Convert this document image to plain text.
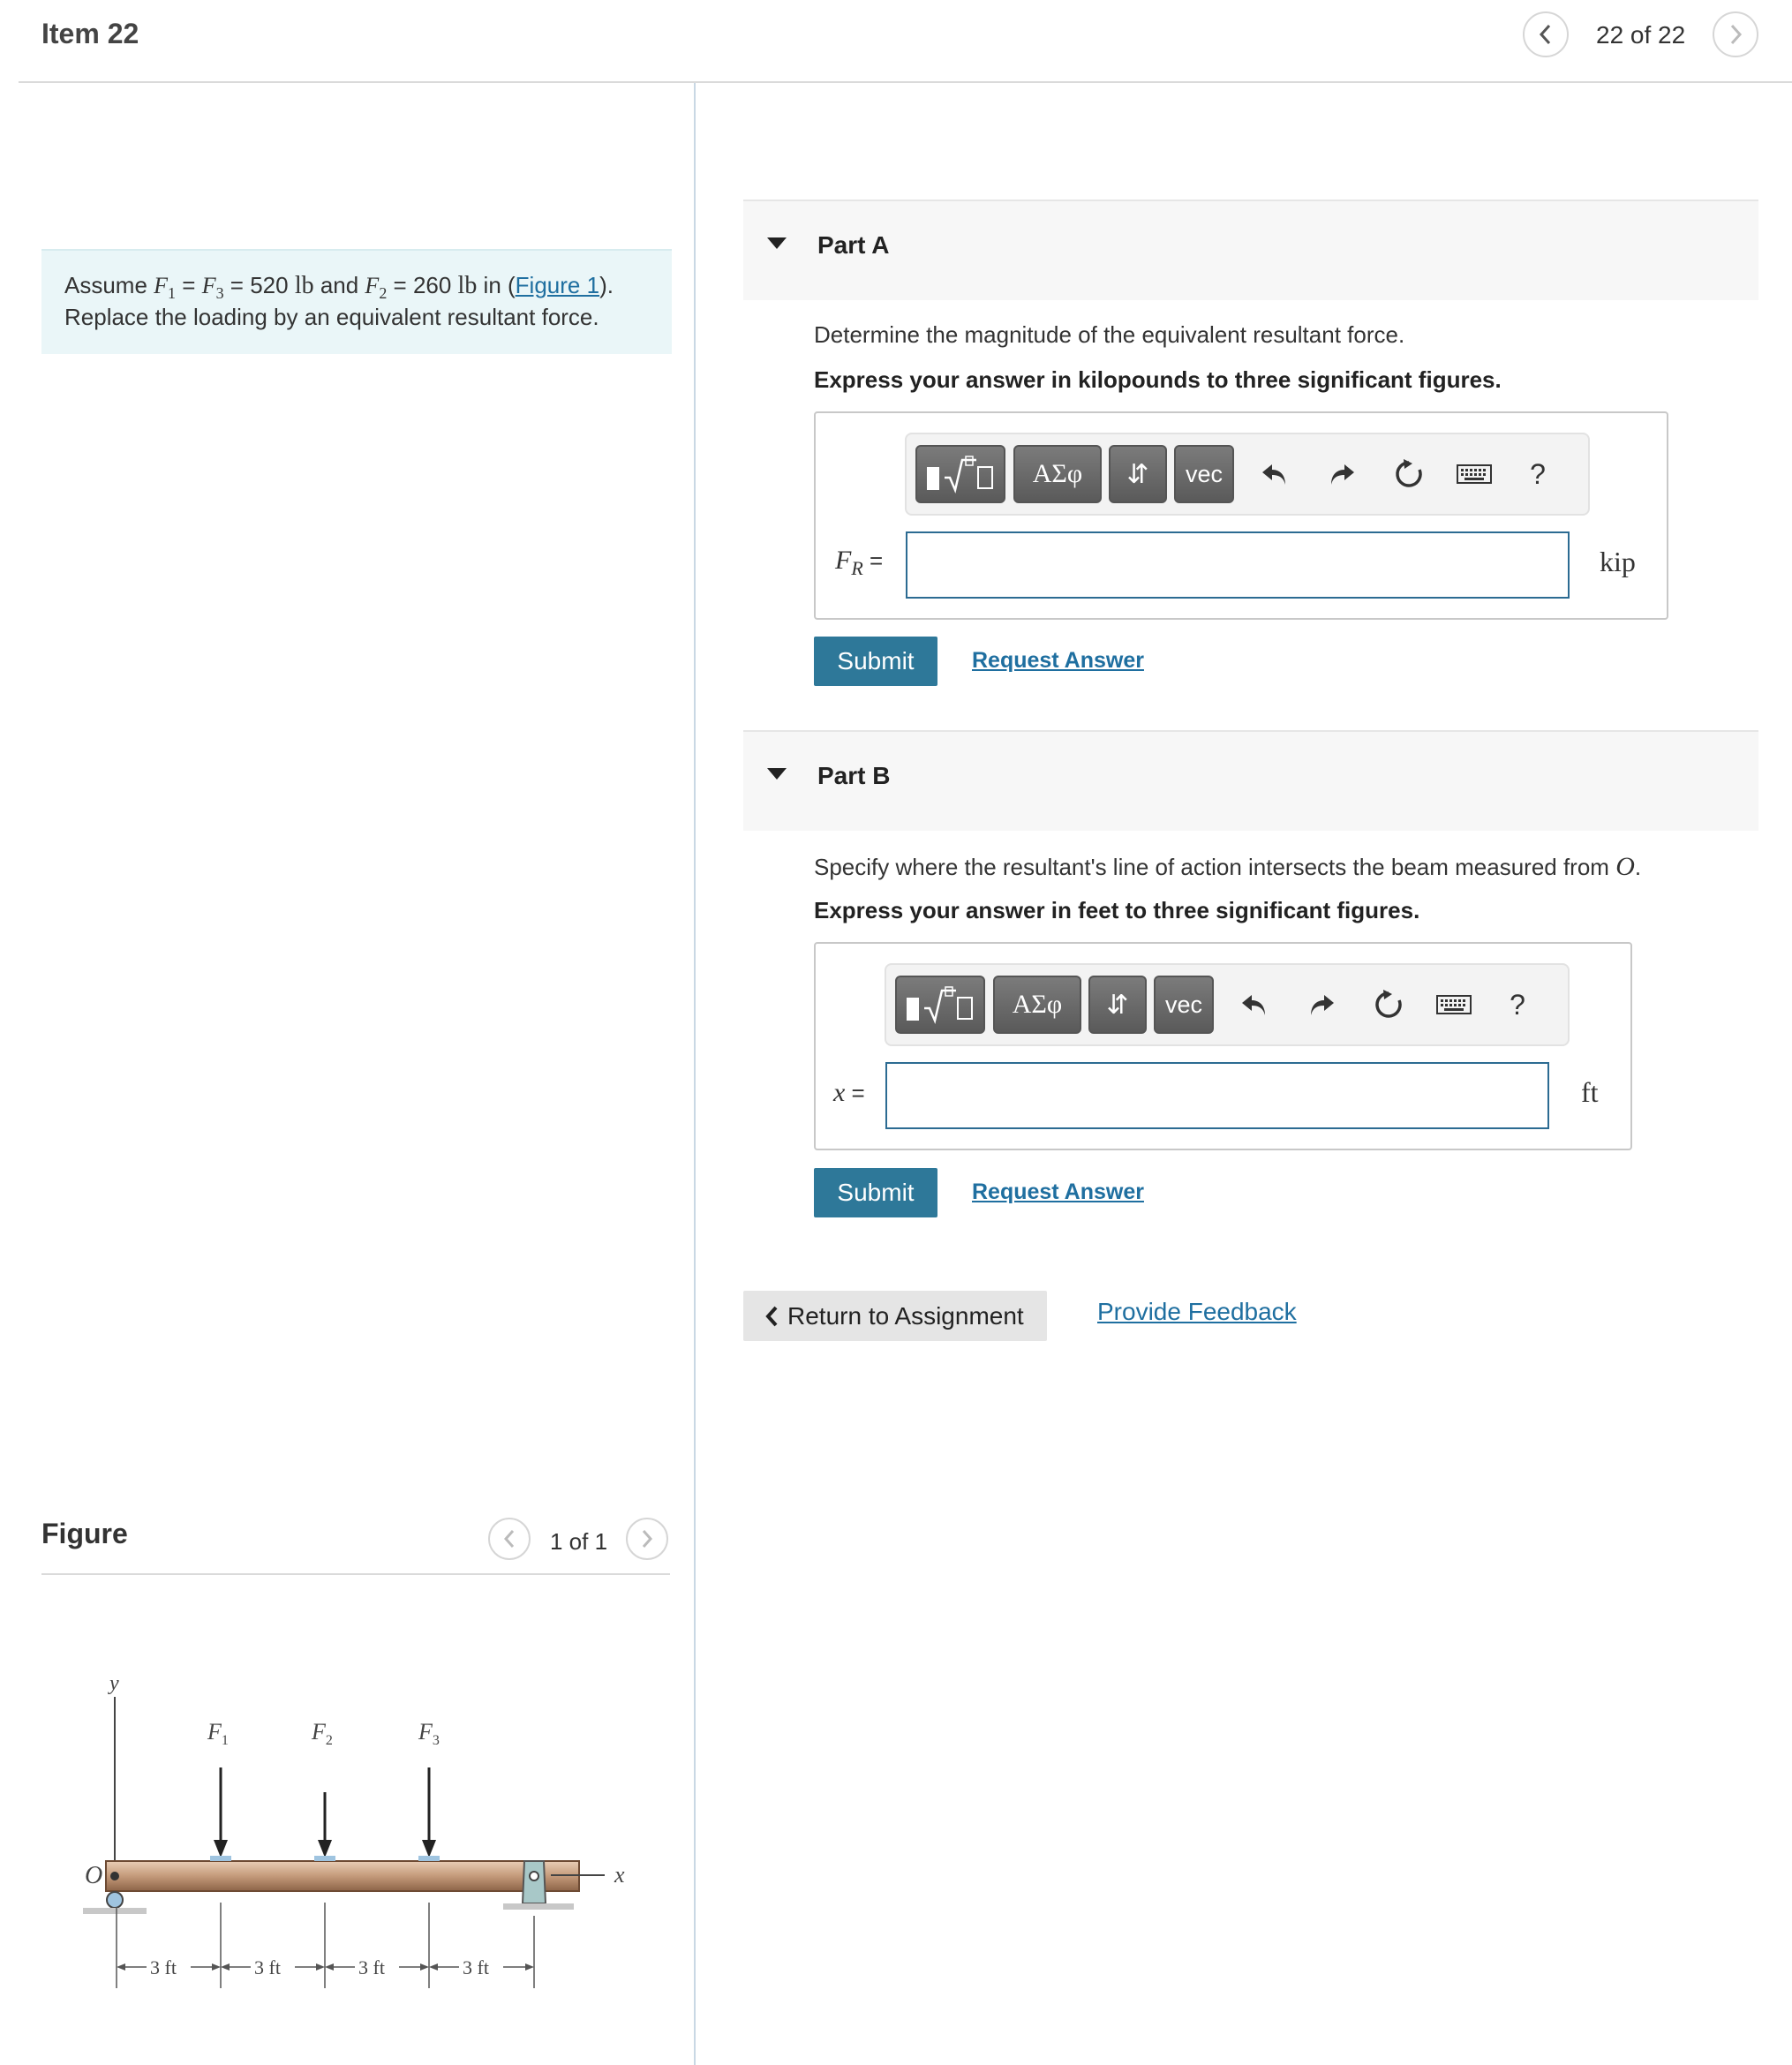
Item 22	22 of 22
Assume $F_1 = F_3 = 520$ lb and $F_2 = 260$ lb in (Figure 1).
Replace the loading by an equivalent resultant force.
Figure	1 of 1
y
O	x
$F_1$	$F_2$	$F_3$
3 ft	3 ft	3 ft	3 ft
Part A
Determine the magnitude of the equivalent resultant force.
Express your answer in kilopounds to three significant figures.
ΑΣφ	⇵	vec	?
$F_R$ =	kip
Submit	Request Answer
Part B
Specify where the resultant's line of action intersects the beam measured from O.
Express your answer in feet to three significant figures.
ΑΣφ	⇵	vec	?
x =	ft
Submit	Request Answer
Return to Assignment	Provide Feedback
